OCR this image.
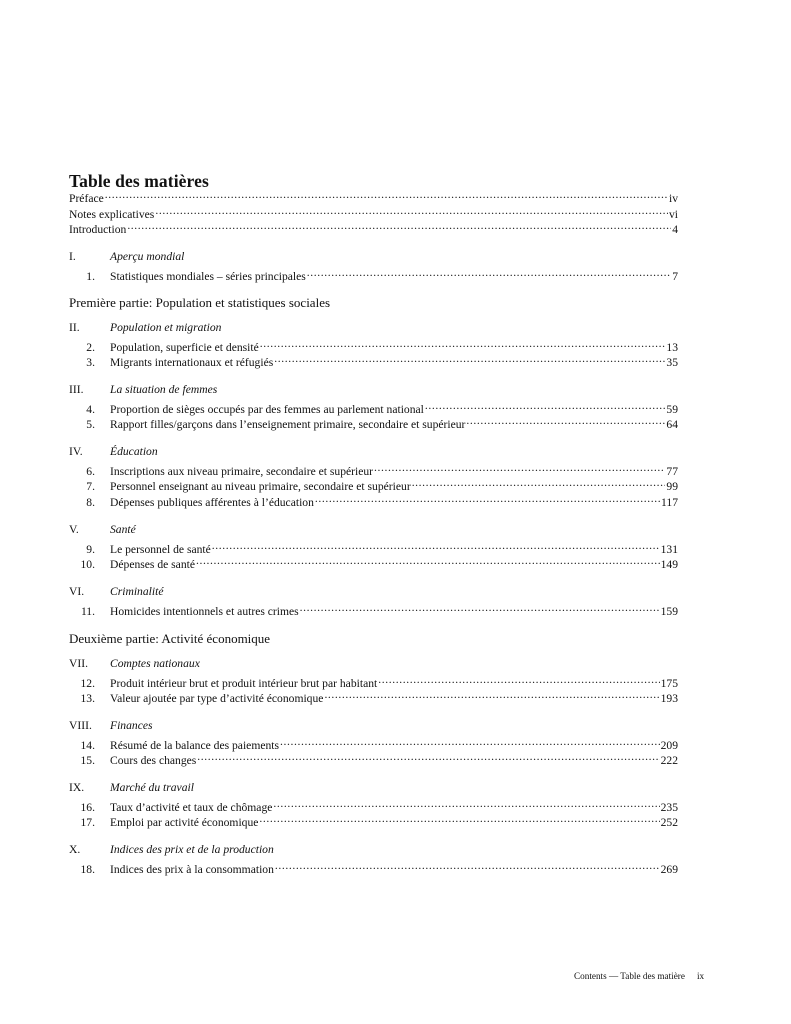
Table des matières
Préface .....	iv
Notes explicatives .....	vi
Introduction .....	4
I.	Aperçu mondial
1. Statistiques mondiales – séries principales .....	7
Première partie: Population et statistiques sociales
II.	Population et migration
2. Population, superficie et densité .....	13
3. Migrants internationaux et réfugiés .....	35
III.	La situation de femmes
4. Proportion de sièges occupés par des femmes au parlement national .....	59
5. Rapport filles/garçons dans l’enseignement primaire, secondaire et supérieur .....	64
IV.	Éducation
6. Inscriptions aux niveau primaire, secondaire et supérieur .....	77
7. Personnel enseignant au niveau primaire, secondaire et supérieur .....	99
8. Dépenses publiques afférentes à l’éducation .....	117
V.	Santé
9. Le personnel de santé .....	131
10. Dépenses de santé .....	149
VI.	Criminalité
11. Homicides intentionnels et autres crimes .....	159
Deuxième partie: Activité économique
VII.	Comptes nationaux
12. Produit intérieur brut et produit intérieur brut par habitant .....	175
13. Valeur ajoutée par type d’activité économique .....	193
VIII.	Finances
14. Résumé de la balance des paiements .....	209
15. Cours des changes .....	222
IX.	Marché du travail
16. Taux d’activité et taux de chômage .....	235
17. Emploi par activité économique .....	252
X.	Indices des prix et de la production
18. Indices des prix à la consommation .....	269
Contents — Table des matière ix
